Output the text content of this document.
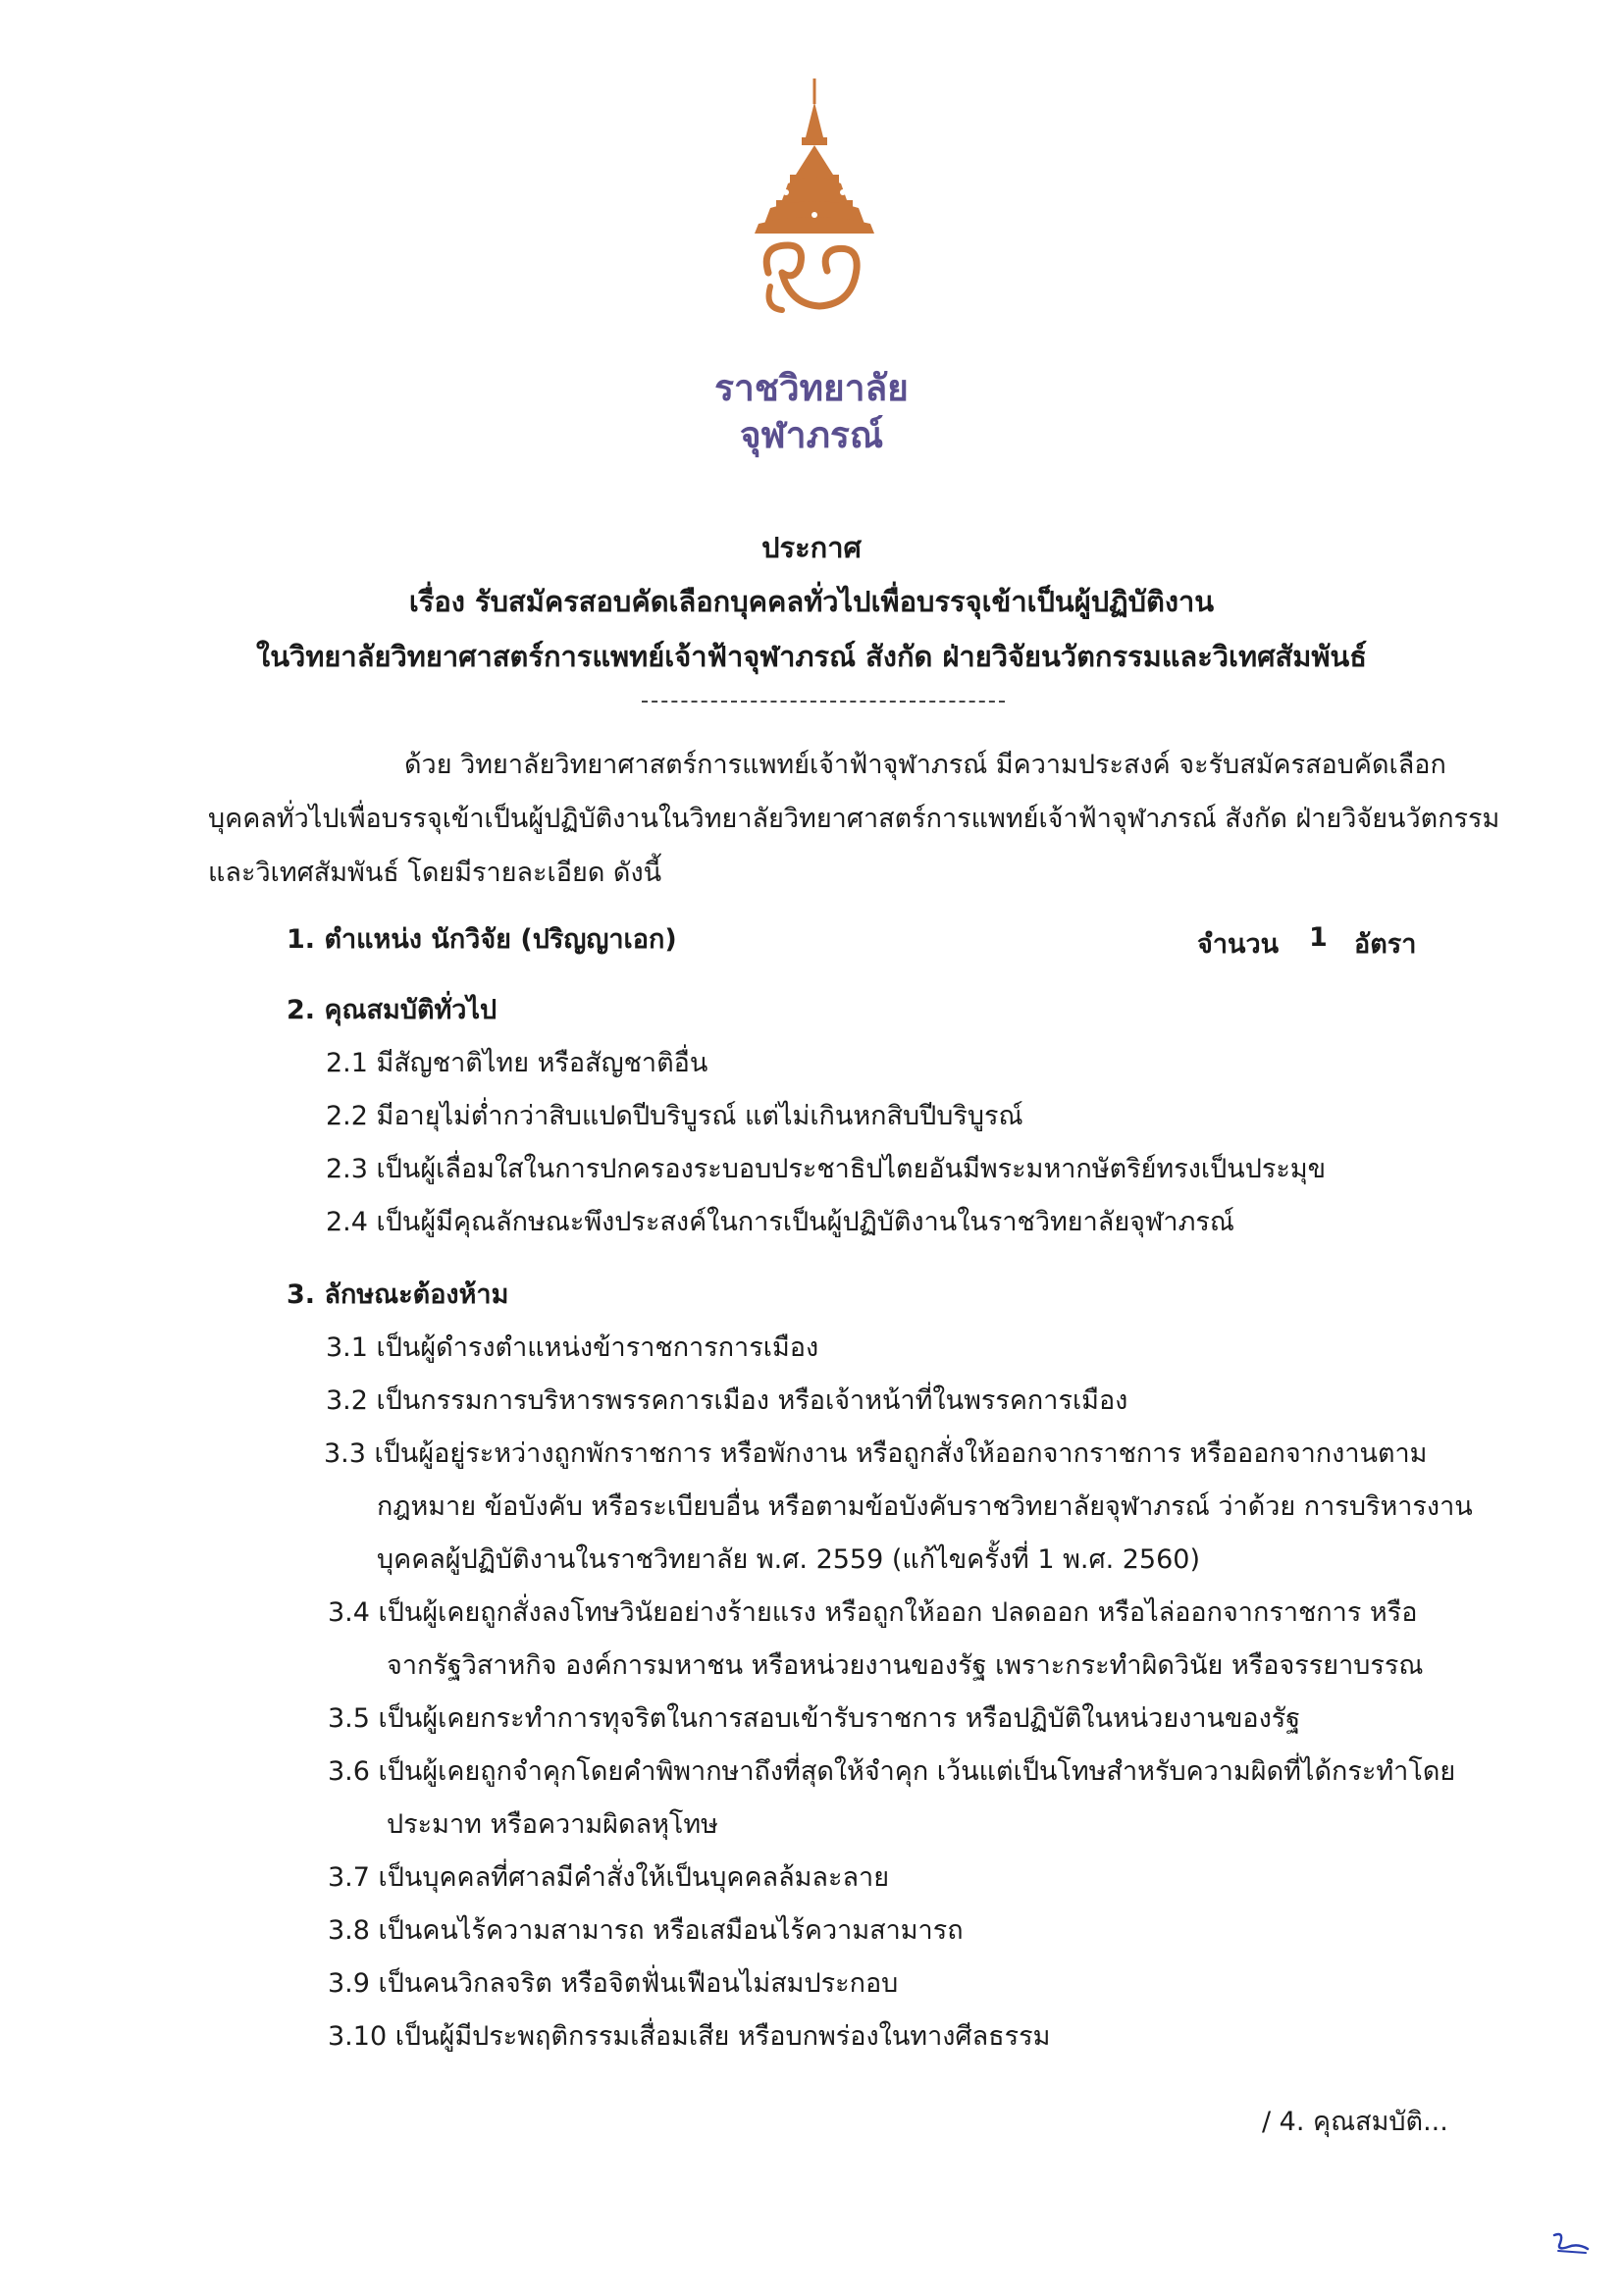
ราชวิทยาลัย
จุฬาภรณ์
ประกาศ
เรื่อง รับสมัครสอบคัดเลือกบุคคลทั่วไปเพื่อบรรจุเข้าเป็นผู้ปฏิบัติงาน
ในวิทยาลัยวิทยาศาสตร์การแพทย์เจ้าฟ้าจุฬาภรณ์ สังกัด ฝ่ายวิจัยนวัตกรรมและวิเทศสัมพันธ์
ด้วย วิทยาลัยวิทยาศาสตร์การแพทย์เจ้าฟ้าจุฬาภรณ์ มีความประสงค์ จะรับสมัครสอบคัดเลือก
บุคคลทั่วไปเพื่อบรรจุเข้าเป็นผู้ปฏิบัติงานในวิทยาลัยวิทยาศาสตร์การแพทย์เจ้าฟ้าจุฬาภรณ์ สังกัด ฝ่ายวิจัยนวัตกรรม
และวิเทศสัมพันธ์ โดยมีรายละเอียด ดังนี้
1. ตำแหน่ง นักวิจัย (ปริญญาเอก)	จำนวน 1 อัตรา
2. คุณสมบัติทั่วไป
2.1 มีสัญชาติไทย หรือสัญชาติอื่น
2.2 มีอายุไม่ต่ำกว่าสิบแปดปีบริบูรณ์ แต่ไม่เกินหกสิบปีบริบูรณ์
2.3 เป็นผู้เลื่อมใสในการปกครองระบอบประชาธิปไตยอันมีพระมหากษัตริย์ทรงเป็นประมุข
2.4 เป็นผู้มีคุณลักษณะพึงประสงค์ในการเป็นผู้ปฏิบัติงานในราชวิทยาลัยจุฬาภรณ์
3. ลักษณะต้องห้าม
3.1 เป็นผู้ดำรงตำแหน่งข้าราชการการเมือง
3.2 เป็นกรรมการบริหารพรรคการเมือง หรือเจ้าหน้าที่ในพรรคการเมือง
3.3 เป็นผู้อยู่ระหว่างถูกพักราชการ หรือพักงาน หรือถูกสั่งให้ออกจากราชการ หรือออกจากงานตาม
กฎหมาย ข้อบังคับ หรือระเบียบอื่น หรือตามข้อบังคับราชวิทยาลัยจุฬาภรณ์ ว่าด้วย การบริหารงาน
บุคคลผู้ปฏิบัติงานในราชวิทยาลัย พ.ศ. 2559 (แก้ไขครั้งที่ 1 พ.ศ. 2560)
3.4 เป็นผู้เคยถูกสั่งลงโทษวินัยอย่างร้ายแรง หรือถูกให้ออก ปลดออก หรือไล่ออกจากราชการ หรือ
จากรัฐวิสาหกิจ องค์การมหาชน หรือหน่วยงานของรัฐ เพราะกระทำผิดวินัย หรือจรรยาบรรณ
3.5 เป็นผู้เคยกระทำการทุจริตในการสอบเข้ารับราชการ หรือปฏิบัติในหน่วยงานของรัฐ
3.6 เป็นผู้เคยถูกจำคุกโดยคำพิพากษาถึงที่สุดให้จำคุก เว้นแต่เป็นโทษสำหรับความผิดที่ได้กระทำโดย
ประมาท หรือความผิดลหุโทษ
3.7 เป็นบุคคลที่ศาลมีคำสั่งให้เป็นบุคคลล้มละลาย
3.8 เป็นคนไร้ความสามารถ หรือเสมือนไร้ความสามารถ
3.9 เป็นคนวิกลจริต หรือจิตฟั่นเฟือนไม่สมประกอบ
3.10 เป็นผู้มีประพฤติกรรมเสื่อมเสีย หรือบกพร่องในทางศีลธรรม
/ 4. คุณสมบัติ...
